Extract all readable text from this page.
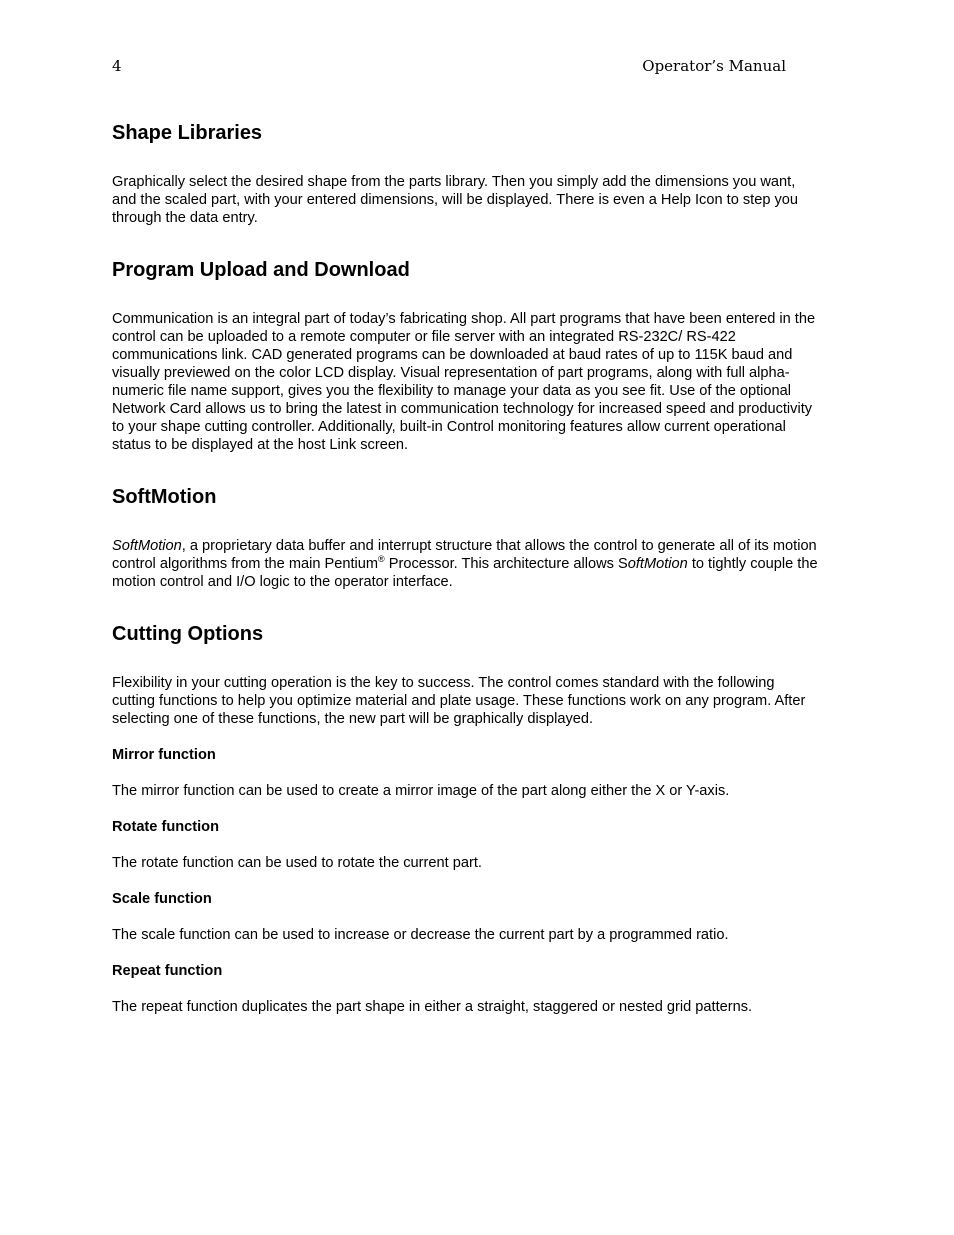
4	Operator’s Manual
Shape Libraries

Graphically select the desired shape from the parts library. Then you simply add the dimensions you want, and the scaled part, with your entered dimensions, will be displayed. There is even a Help Icon to step you through the data entry.

Program Upload and Download

Communication is an integral part of today’s fabricating shop. All part programs that have been entered in the control can be uploaded to a remote computer or file server with an integrated RS-232C/ RS-422 communications link. CAD generated programs can be downloaded at baud rates of up to 115K baud and visually previewed on the color LCD display. Visual representation of part programs, along with full alpha-numeric file name support, gives you the flexibility to manage your data as you see fit. Use of the optional Network Card allows us to bring the latest in communication technology for increased speed and productivity to your shape cutting controller. Additionally, built-in Control monitoring features allow current operational status to be displayed at the host Link screen.

SoftMotion

SoftMotion, a proprietary data buffer and interrupt structure that allows the control to generate all of its motion control algorithms from the main Pentium® Processor. This architecture allows SoftMotion to tightly couple the motion control and I/O logic to the operator interface.

Cutting Options

Flexibility in your cutting operation is the key to success. The control comes standard with the following cutting functions to help you optimize material and plate usage. These functions work on any program. After selecting one of these functions, the new part will be graphically displayed.

Mirror function

The mirror function can be used to create a mirror image of the part along either the X or Y-axis.

Rotate function

The rotate function can be used to rotate the current part.

Scale function

The scale function can be used to increase or decrease the current part by a programmed ratio.

Repeat function

The repeat function duplicates the part shape in either a straight, staggered or nested grid patterns.
